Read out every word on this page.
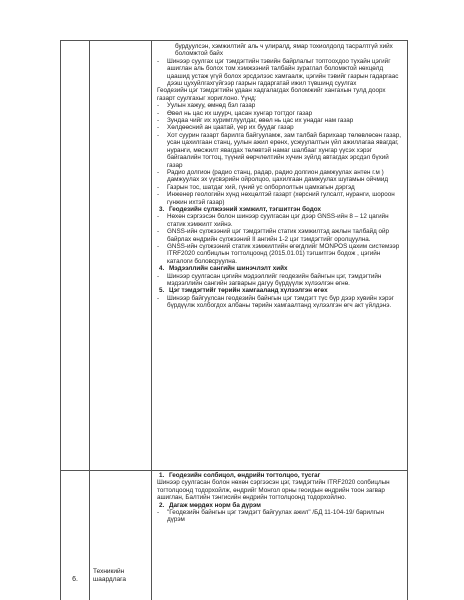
бурдуулсэн, хэмжилтийг аль ч улиралд, ямар тохиолдолд тасралтгүй хийх боломжтой байх

- Шинээр суулгах цэг тэмдэгтийн тэвийн байрлалыг топтоохдоо тухайн цэгийг ашиглан аль болох том хэмжээний талбайн зураглал боломжтой нөхцөлд цаашид устаж үгүй болох эрсдэлээс хамгаалж, цэгийн тэвийг газрын гадаргаас дээш цухуйлгахгүйгээр газрын гадаргатай ижил түвшинд суулгах

Геодезийн цэг тэмдэгтийн удаан хадгалагдах боломжийг хангахын тулд доорх газарт суулгахыг хориглоно. Үүнд:

- Уулын хажуу, өмнөд бэл газар

- Өвөл нь цас их шуурч, цасан хунгар тогтдог газар

- Зундаа чийг их хуримтлуулдаг, өвөл нь цас их унадаг нам газар

- Хөлдөөсний ан цаатай, үер их буудаг газар

- Хот суурин газарт барилга байгууламж, зам талбай барихаар төлөвлөсөн газар, усан цахилгаан станц, уулын ажил ерөнх, усжуулалтын үйл ажиллагаа явагдаг, нуранги, мөсжилт явагдах төлөвтэй намаг шалбааг хунгар үүсэх хэрэг байгаалийн тогтоц, түүний өөрчлөлтийн хүчин зүйлд автагдах эрсдэл бүхий газар

- Радио долгион (радио станц, радар, радио долгион дамжуулах антен г.м ) дамжуулах эх үүсвэрийн ойролцоо, цахилгаан дамжуулах шугамын ойчмид

- Газрын тос, шатдаг хий, гүний ус олборлолтын цамхагын дэргэд

- Инженер геологийн хүнд нөхцөлтэй газарт (хөрсний гулсалт, нуранги, шороон гүнжин ихтэй газар)

3. Геодезийн сүлжээний хэмжилт, тэгшитгэн бодох

- Нөхөн сэргээсэн болон шинээр суулгасан цэг дээр GNSS-ийн 8 – 12 цагийн статик хэмжилт хийнэ.

- GNSS-ийн сүлжээний цэг тэмдэгтийн статик хэмжилтэд ажлын талбайд ойр байрлах өндрийн сүлжээний II ангийн 1-2 цэг тэмдэгтийг оролцуулна.

- GNSS-ийн сүлжээний статик хэмжилтийн өгөгдлийг MONPOS цахим системээр ITRF2020 солбицлын тогтолцоонд (2015.01.01) тэгшитгэн бодож , цэгийн каталоги боловсруулна.

4. Мэдээллийн сангийн шинэчлэлт хийх

- Шинээр суулгасан цэгийн мэдээллийг геодезийн байнгын цэг, тэмдэгтийн мэдээллийн сангийн загварын дагуу бүрдүүлж хүлээлгэн өгнө.

5. Цэг тэмдэгтийг төрийн хамгааланд хүлээлгэн өгөх

- Шинээр байгуулсан геодезийн байнгын цэг тэмдэгт түс бүр дээр хувийн хэрэг бүрдүүлж холбогдох албаны төрийн хамгаалтанд хүлээлгэн өгч акт үйлдэнэ.

1. Геодезийн солбицол, өндрийн тогтолцоо, тусгаг

Шинээр суулгасан болон нөхөн сэргээсэн цэг, тэмдэгтийн ITRF2020 солбицлын тогтолцоонд тодорхойлж, өндрийг Монгол орны геоидын өндрийн тоон загвар ашиглан, Балтийн тэнгисийн өндрийн тогтолцоонд тодорхойлно.

2. Дагаж мөрдөх норм ба дүрэм

- "Геодезийн байнгын цэг тэмдэгт байгуулах ажил" /БД 11-104-19/ барилгын дүрэм

6.
Техникийн шаардлага
